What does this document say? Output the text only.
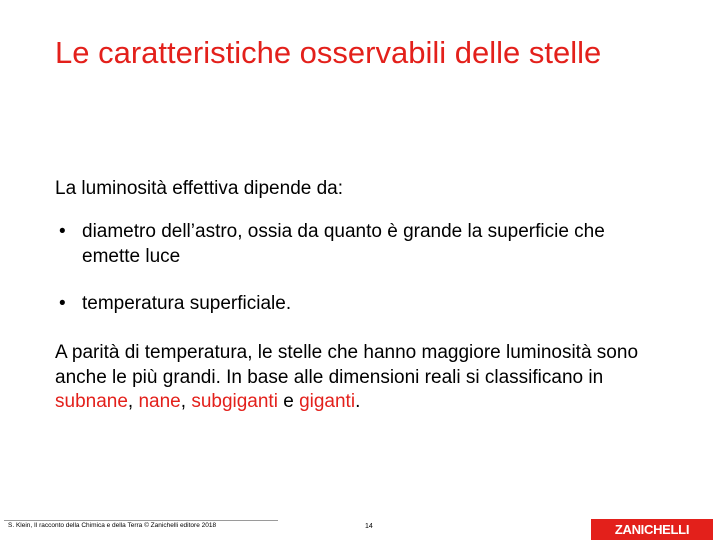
Le caratteristiche osservabili delle stelle

La luminosità effettiva dipende da:

• diametro dell’astro, ossia da quanto è grande la superficie che emette luce
• temperatura superficiale.

A parità di temperatura, le stelle che hanno maggiore luminosità sono anche le più grandi. In base alle dimensioni reali si classificano in subnane, nane, subgiganti e giganti.

S. Klein, Il racconto della Chimica e della Terra © Zanichelli editore 2018	14	ZANICHELLI
